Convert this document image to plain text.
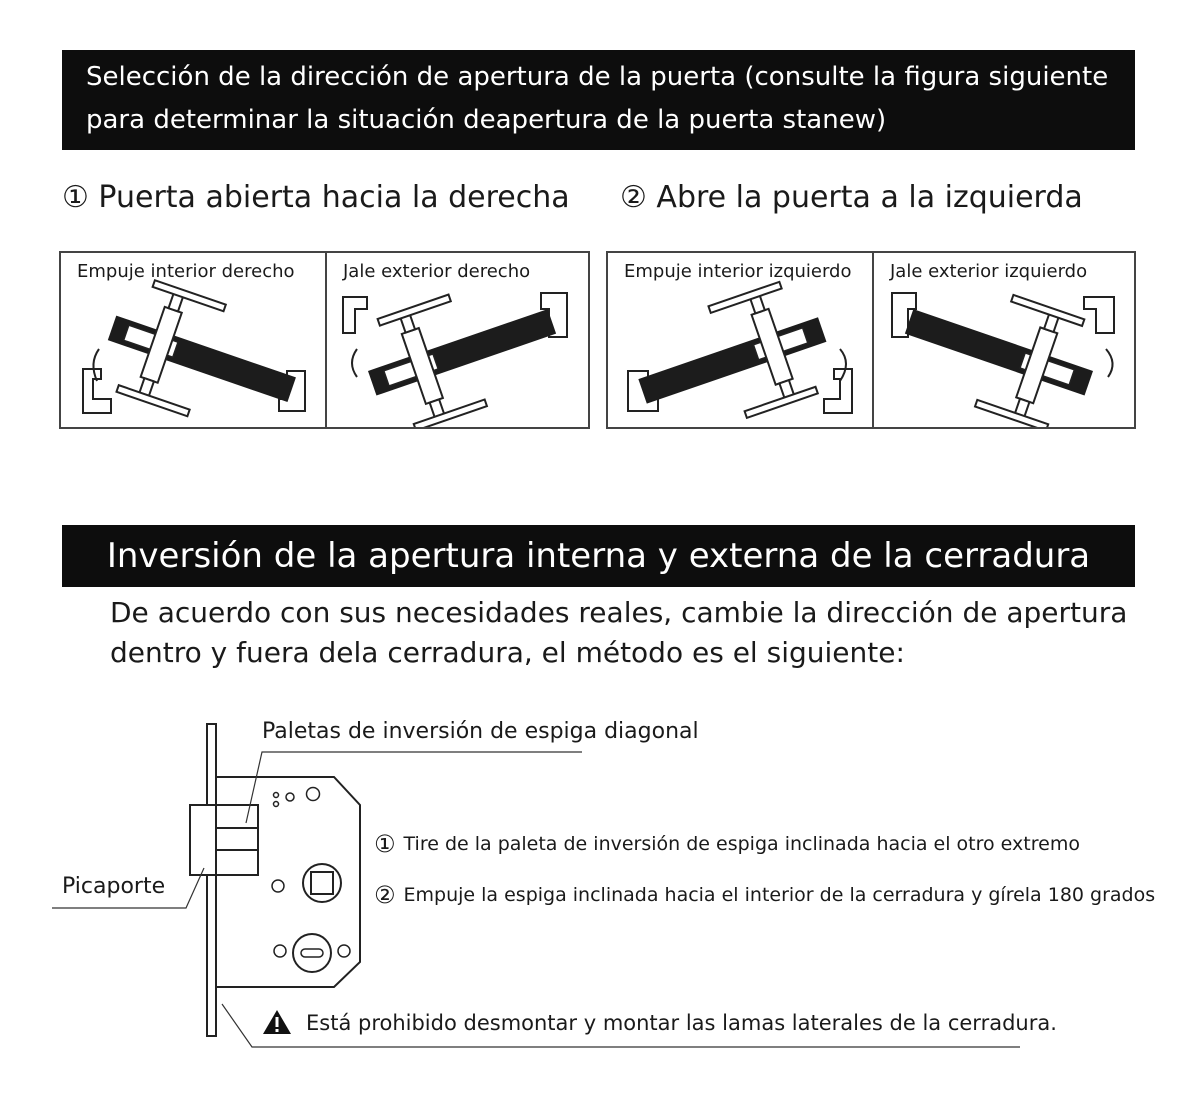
Selección de la dirección de apertura de la puerta (consulte la figura siguiente
para determinar la situación deapertura de la puerta stanew)
① Puerta abierta hacia la derecha ② Abre la puerta a la izquierda
Empuje interior derecho	Jale exterior derecho	Empuje interior izquierdo Jale exterior izquierdo
Inversión de la apertura interna y externa de la cerradura
De acuerdo con sus necesidades reales, cambie la dirección de apertura
dentro y fuera dela cerradura, el método es el siguiente:
Paletas de inversión de espiga diagonal
Picaporte
① Tire de la paleta de inversión de espiga inclinada hacia el otro extremo
② Empuje la espiga inclinada hacia el interior de la cerradura y gírela 180 grados
Está prohibido desmontar y montar las lamas laterales de la cerradura.
